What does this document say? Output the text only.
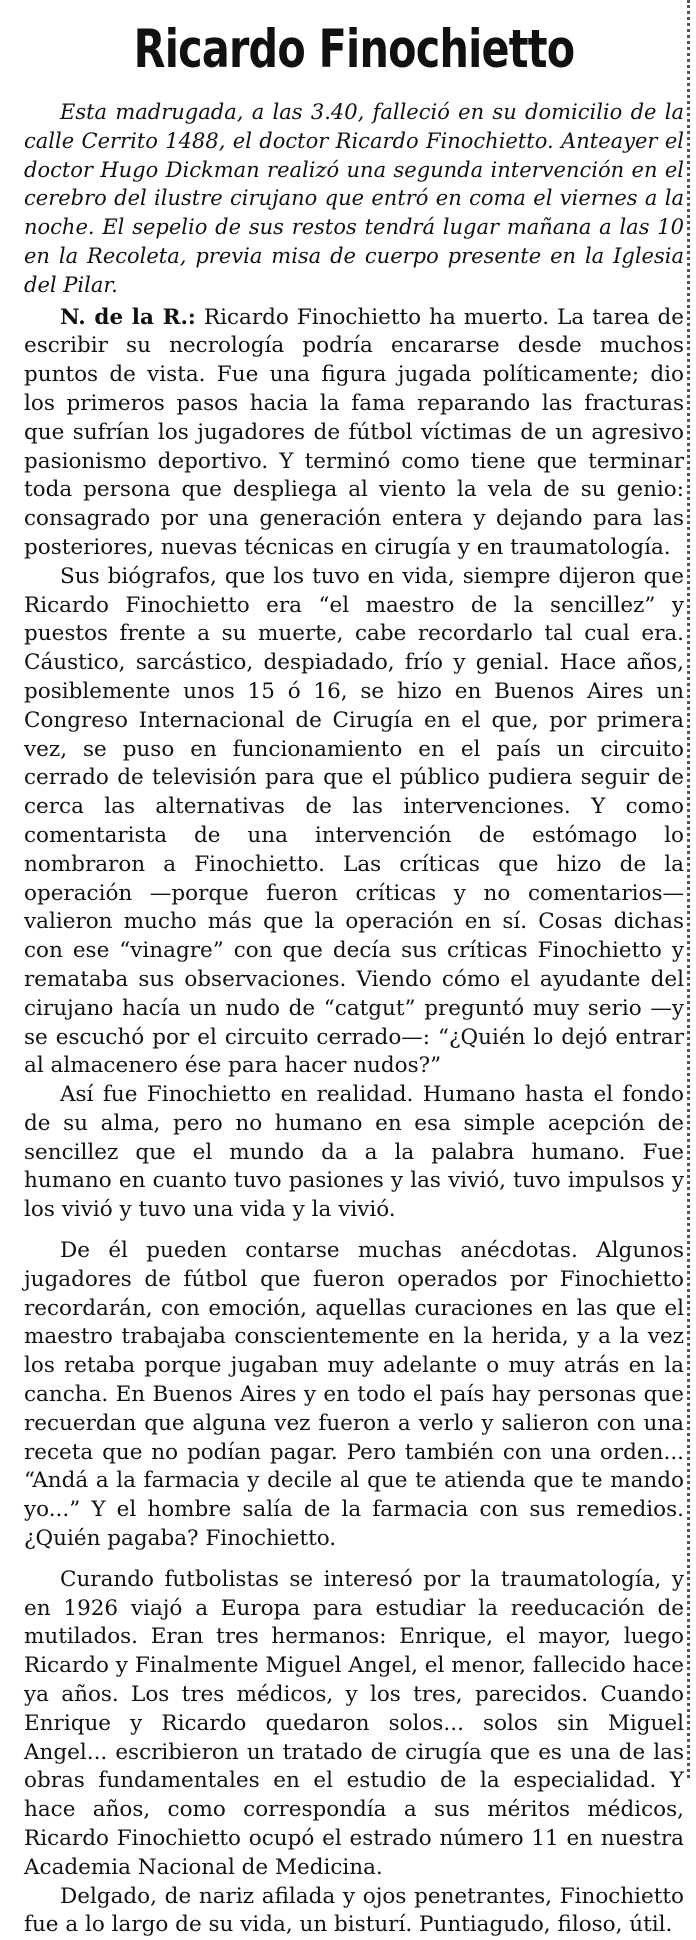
Ricardo Finochietto

Esta madrugada, a las 3.40, falleció en su domicilio de la calle Cerrito 1488, el doctor Ricardo Finochietto. Anteayer el doctor Hugo Dickman realizó una segunda intervención en el cerebro del ilustre cirujano que entró en coma el viernes a la noche. El sepelio de sus restos tendrá lugar mañana a las 10 en la Recoleta, previa misa de cuerpo presente en la Iglesia del Pilar.

N. de la R.: Ricardo Finochietto ha muerto. La tarea de escribir su necrología podría encararse desde muchos puntos de vista. Fue una figura jugada políticamente; dio los primeros pasos hacia la fama reparando las fracturas que sufrían los jugadores de fútbol víctimas de un agresivo pasionismo deportivo. Y terminó como tiene que terminar toda persona que despliega al viento la vela de su genio: consagrado por una generación entera y dejando para las posteriores, nuevas técnicas en cirugía y en traumatología.

Sus biógrafos, que los tuvo en vida, siempre dijeron que Ricardo Finochietto era “el maestro de la sencillez” y puestos frente a su muerte, cabe recordarlo tal cual era. Cáustico, sarcástico, despiadado, frío y genial. Hace años, posiblemente unos 15 ó 16, se hizo en Buenos Aires un Congreso Internacional de Cirugía en el que, por primera vez, se puso en funcionamiento en el país un circuito cerrado de televisión para que el público pudiera seguir de cerca las alternativas de las intervenciones. Y como comentarista de una intervención de estómago lo nombraron a Finochietto. Las críticas que hizo de la operación —porque fueron críticas y no comentarios— valieron mucho más que la operación en sí. Cosas dichas con ese “vinagre” con que decía sus críticas Finochietto y remataba sus observaciones. Viendo cómo el ayudante del cirujano hacía un nudo de “catgut” preguntó muy serio —y se escuchó por el circuito cerrado—: “¿Quién lo dejó entrar al almacenero ése para hacer nudos?”

Así fue Finochietto en realidad. Humano hasta el fondo de su alma, pero no humano en esa simple acepción de sencillez que el mundo da a la palabra humano. Fue humano en cuanto tuvo pasiones y las vivió, tuvo impulsos y los vivió y tuvo una vida y la vivió.

De él pueden contarse muchas anécdotas. Algunos jugadores de fútbol que fueron operados por Finochietto recordarán, con emoción, aquellas curaciones en las que el maestro trabajaba conscientemente en la herida, y a la vez los retaba porque jugaban muy adelante o muy atrás en la cancha. En Buenos Aires y en todo el país hay personas que recuerdan que alguna vez fueron a verlo y salieron con una receta que no podían pagar. Pero también con una orden... “Andá a la farmacia y decile al que te atienda que te mando yo...” Y el hombre salía de la farmacia con sus remedios. ¿Quién pagaba? Finochietto.

Curando futbolistas se interesó por la traumatología, y en 1926 viajó a Europa para estudiar la reeducación de mutilados. Eran tres hermanos: Enrique, el mayor, luego Ricardo y Finalmente Miguel Angel, el menor, fallecido hace ya años. Los tres médicos, y los tres, parecidos. Cuando Enrique y Ricardo quedaron solos... solos sin Miguel Angel... escribieron un tratado de cirugía que es una de las obras fundamentales en el estudio de la especialidad. Y hace años, como correspondía a sus méritos médicos, Ricardo Finochietto ocupó el estrado número 11 en nuestra Academia Nacional de Medicina.

Delgado, de nariz afilada y ojos penetrantes, Finochietto fue a lo largo de su vida, un bisturí. Puntiagudo, filoso, útil.
